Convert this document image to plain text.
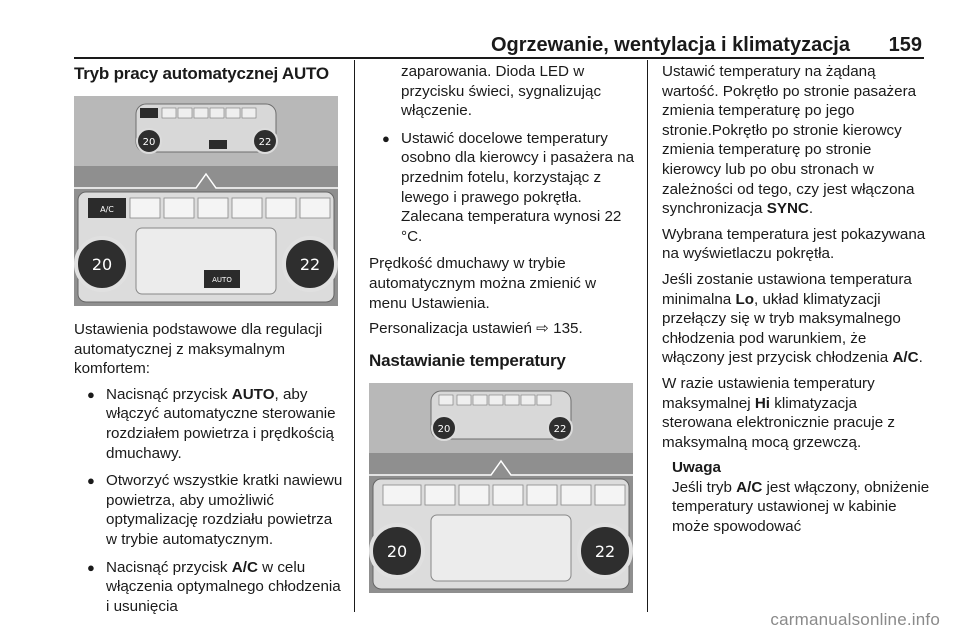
Ogrzewanie, wentylacja i klimatyzacja 159
Tryb pracy automatycznej AUTO
20	22
A/C
20	22
AUTO

Ustawienia podstawowe dla regulacji automatycznej z maksymalnym komfortem:

● Nacisnąć przycisk AUTO, aby włączyć automatyczne sterowanie rozdziałem powietrza i prędkością dmuchawy.
● Otworzyć wszystkie kratki nawiewu powietrza, aby umożliwić optymalizację rozdziału powietrza w trybie automatycznym.
● Nacisnąć przycisk A/C w celu włączenia optymalnego chłodzenia i usunięcia
zaparowania. Dioda LED w przycisku świeci, sygnalizując włączenie.
● Ustawić docelowe temperatury osobno dla kierowcy i pasażera na przednim fotelu, korzystając z lewego i prawego pokrętła. Zalecana temperatura wynosi 22 °C.

Prędkość dmuchawy w trybie automatycznym można zmienić w menu Ustawienia.

Personalizacja ustawień ⇨ 135.

Nastawianie temperatury
20	22
20	22

Ustawić temperatury na żądaną wartość. Pokrętło po stronie pasażera zmienia temperaturę po jego stronie.Pokrętło po stronie kierowcy zmienia temperaturę po stronie kierowcy lub po obu stronach w zależności od tego, czy jest włączona synchronizacja SYNC.

Wybrana temperatura jest pokazywana na wyświetlaczu pokrętła.

Jeśli zostanie ustawiona temperatura minimalna Lo, układ klimatyzacji przełączy się w tryb maksymalnego chłodzenia pod warunkiem, że włączony jest przycisk chłodzenia A/C.

W razie ustawienia temperatury maksymalnej Hi klimatyzacja sterowana elektronicznie pracuje z maksymalną mocą grzewczą.

Uwaga

Jeśli tryb A/C jest włączony, obniżenie temperatury ustawionej w kabinie może spowodować

carmanualsonline.info
